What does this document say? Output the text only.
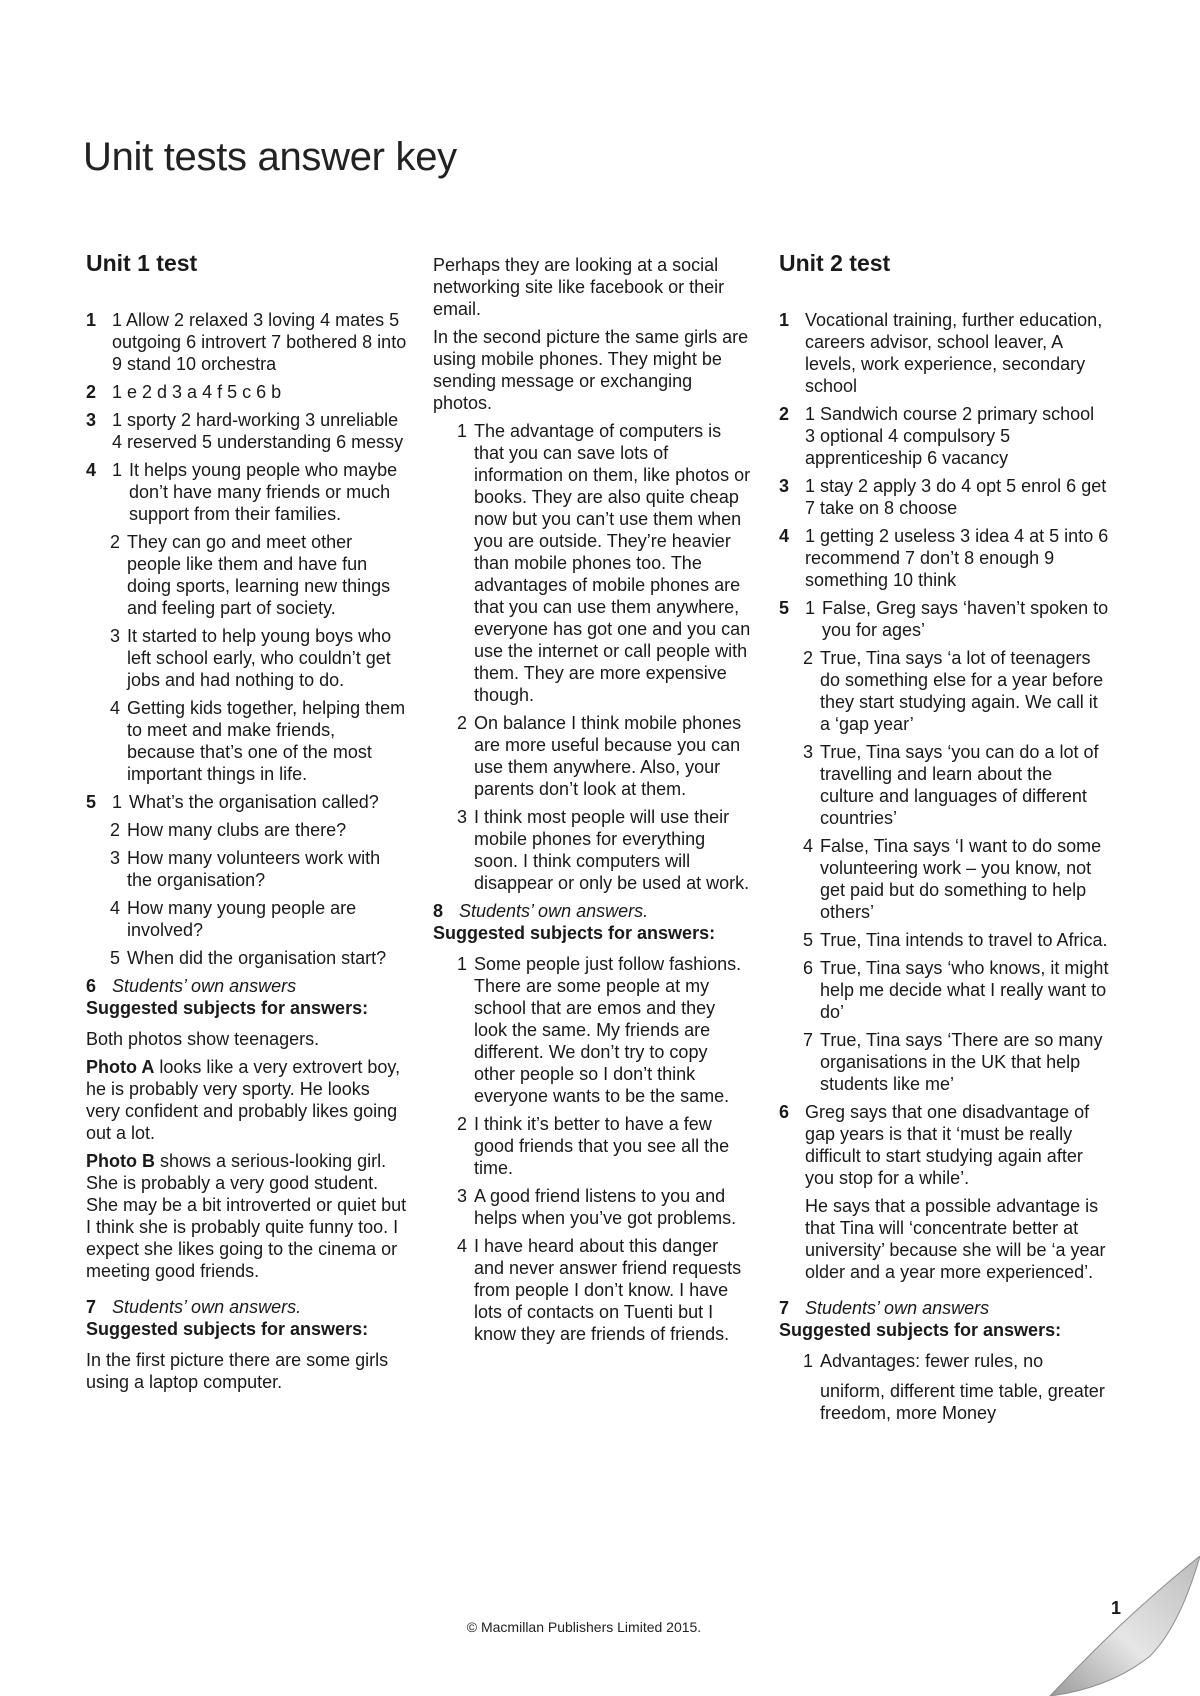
Unit tests answer key
Unit 1 test
1 1 Allow 2 relaxed 3 loving 4 mates 5 outgoing 6 introvert 7 bothered 8 into 9 stand 10 orchestra
2 1 e 2 d 3 a 4 f 5 c 6 b
3 1 sporty 2 hard-working 3 unreliable 4 reserved 5 understanding 6 messy
4 1 It helps young people who maybe don’t have many friends or much support from their families.
2 They can go and meet other people like them and have fun doing sports, learning new things and feeling part of society.
3 It started to help young boys who left school early, who couldn’t get jobs and had nothing to do.
4 Getting kids together, helping them to meet and make friends, because that’s one of the most important things in life.
5 1 What’s the organisation called?
2 How many clubs are there?
3 How many volunteers work with the organisation?
4 How many young people are involved?
5 When did the organisation start?
6 Students’ own answers
Suggested subjects for answers:

Both photos show teenagers.

Photo A looks like a very extrovert boy, he is probably very sporty. He looks very confident and probably likes going out a lot.

Photo B shows a serious-looking girl. She is probably a very good student. She may be a bit introverted or quiet but I think she is probably quite funny too. I expect she likes going to the cinema or meeting good friends.

7 Students’ own answers.
Suggested subjects for answers:

In the first picture there are some girls using a laptop computer.

Perhaps they are looking at a social networking site like facebook or their email.

In the second picture the same girls are using mobile phones. They might be sending message or exchanging photos.

1 The advantage of computers is that you can save lots of information on them, like photos or books. They are also quite cheap now but you can’t use them when you are outside. They’re heavier than mobile phones too. The advantages of mobile phones are that you can use them anywhere, everyone has got one and you can use the internet or call people with them. They are more expensive though.
2 On balance I think mobile phones are more useful because you can use them anywhere. Also, your parents don’t look at them.
3 I think most people will use their mobile phones for everything soon. I think computers will disappear or only be used at work.
8 Students’ own answers.
Suggested subjects for answers:
1 Some people just follow fashions. There are some people at my school that are emos and they look the same. My friends are different. We don’t try to copy other people so I don’t think everyone wants to be the same.
2 I think it’s better to have a few good friends that you see all the time.
3 A good friend listens to you and helps when you’ve got problems.
4 I have heard about this danger and never answer friend requests from people I don’t know. I have lots of contacts on Tuenti but I know they are friends of friends.
Unit 2 test
1 Vocational training, further education, careers advisor, school leaver, A levels, work experience, secondary school
2 1 Sandwich course 2 primary school 3 optional 4 compulsory 5 apprenticeship 6 vacancy
3 1 stay 2 apply 3 do 4 opt 5 enrol 6 get 7 take on 8 choose
4 1 getting 2 useless 3 idea 4 at 5 into 6 recommend 7 don’t 8 enough 9 something 10 think
5 1 False, Greg says ‘haven’t spoken to you for ages’
2 True, Tina says ‘a lot of teenagers do something else for a year before they start studying again. We call it a ‘gap year’
3 True, Tina says ‘you can do a lot of travelling and learn about the culture and languages of different countries’
4 False, Tina says ‘I want to do some volunteering work – you know, not get paid but do something to help others’
5 True, Tina intends to travel to Africa.
6 True, Tina says ‘who knows, it might help me decide what I really want to do’
7 True, Tina says ‘There are so many organisations in the UK that help students like me’
6 Greg says that one disadvantage of gap years is that it ‘must be really difficult to start studying again after you stop for a while’.
He says that a possible advantage is that Tina will ‘concentrate better at university’ because she will be ‘a year older and a year more experienced’.
7 Students’ own answers
Suggested subjects for answers:
1 Advantages: fewer rules, no
uniform, different time table, greater freedom, more Money
© Macmillan Publishers Limited 2015.
1
